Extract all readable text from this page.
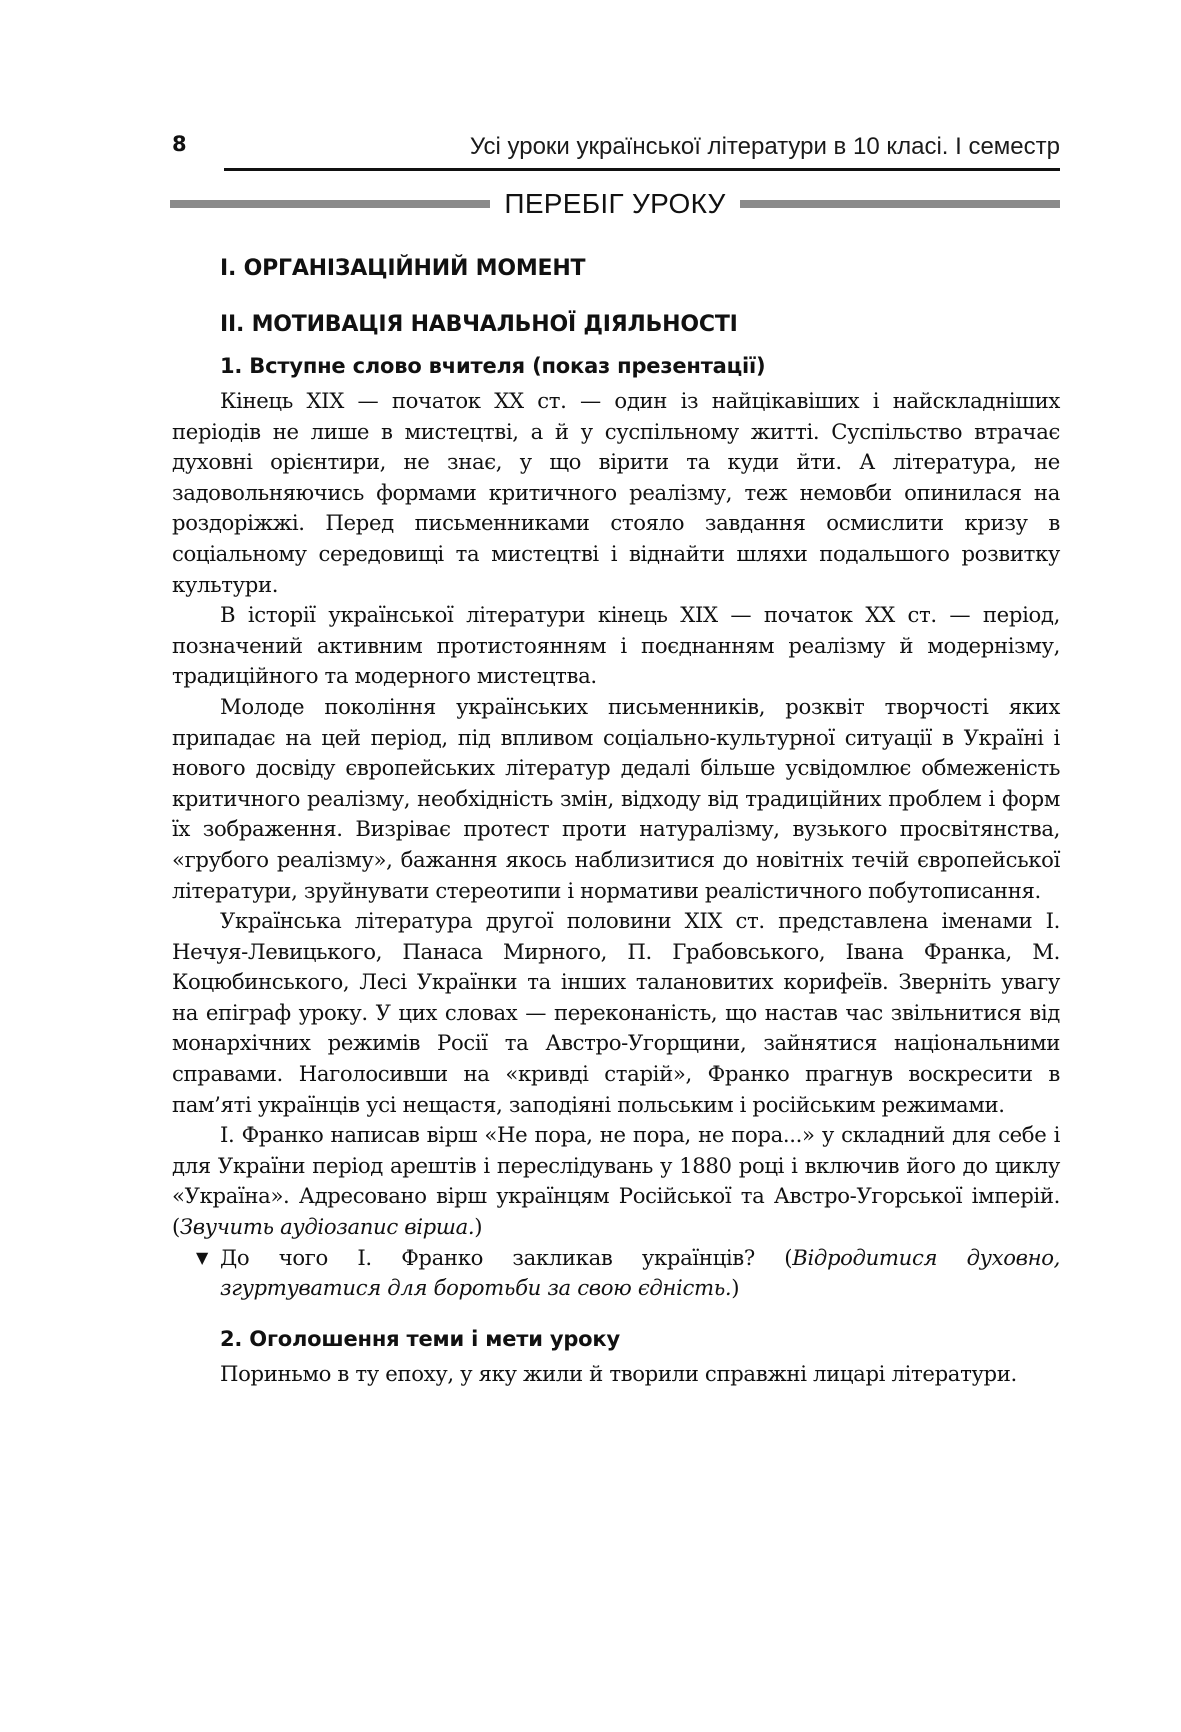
8	Усі уроки української літератури в 10 класі. І семестр
ПЕРЕБІГ УРОКУ
І. ОРГАНІЗАЦІЙНИЙ МОМЕНТ
ІІ. МОТИВАЦІЯ НАВЧАЛЬНОЇ ДІЯЛЬНОСТІ
1. Вступне слово вчителя (показ презентації)

Кінець ХІХ — початок ХХ ст. — один із найцікавіших і найскладніших періодів не лише в мистецтві, а й у суспільному житті. Суспільство втрачає духовні орієнтири, не знає, у що вірити та куди йти. А література, не задовольняючись формами критичного реалізму, теж немовби опинилася на роздоріжжі. Перед письменниками стояло завдання осмислити кризу в соціальному середовищі та мистецтві і віднайти шляхи подальшого розвитку культури.

В історії української літератури кінець ХІХ — початок ХХ ст. — період, позначений активним протистоянням і поєднанням реалізму й модернізму, традиційного та модерного мистецтва.

Молоде покоління українських письменників, розквіт творчості яких припадає на цей період, під впливом соціально-культурної ситуації в Україні і нового досвіду європейських літератур дедалі більше усвідомлює обмеженість критичного реалізму, необхідність змін, відходу від традиційних проблем і форм їх зображення. Визріває протест проти натуралізму, вузького просвітянства, «грубого реалізму», бажання якось наблизитися до новітніх течій європейської літератури, зруйнувати стереотипи і нормативи реалістичного побутописання.

Українська література другої половини ХІХ ст. представлена іменами І. Нечуя-Левицького, Панаса Мирного, П. Грабовського, Івана Франка, М. Коцюбинського, Лесі Українки та інших талановитих корифеїв. Зверніть увагу на епіграф уроку. У цих словах — переконаність, що настав час звільнитися від монархічних режимів Росії та Австро-Угорщини, зайнятися національними справами. Наголосивши на «кривді старій», Франко прагнув воскресити в пам’яті українців усі нещастя, заподіяні польським і російським режимами.

І. Франко написав вірш «Не пора, не пора, не пора...» у складний для себе і для України період арештів і переслідувань у 1880 році і включив його до циклу «Україна». Адресовано вірш українцям Російської та Австро-Угорської імперій. (Звучить аудіозапис вірша.)

▼ До чого І. Франко закликав українців? (Відродитися духовно, згуртуватися для боротьби за свою єдність.)

2. Оголошення теми і мети уроку

Пориньмо в ту епоху, у яку жили й творили справжні лицарі літератури.
